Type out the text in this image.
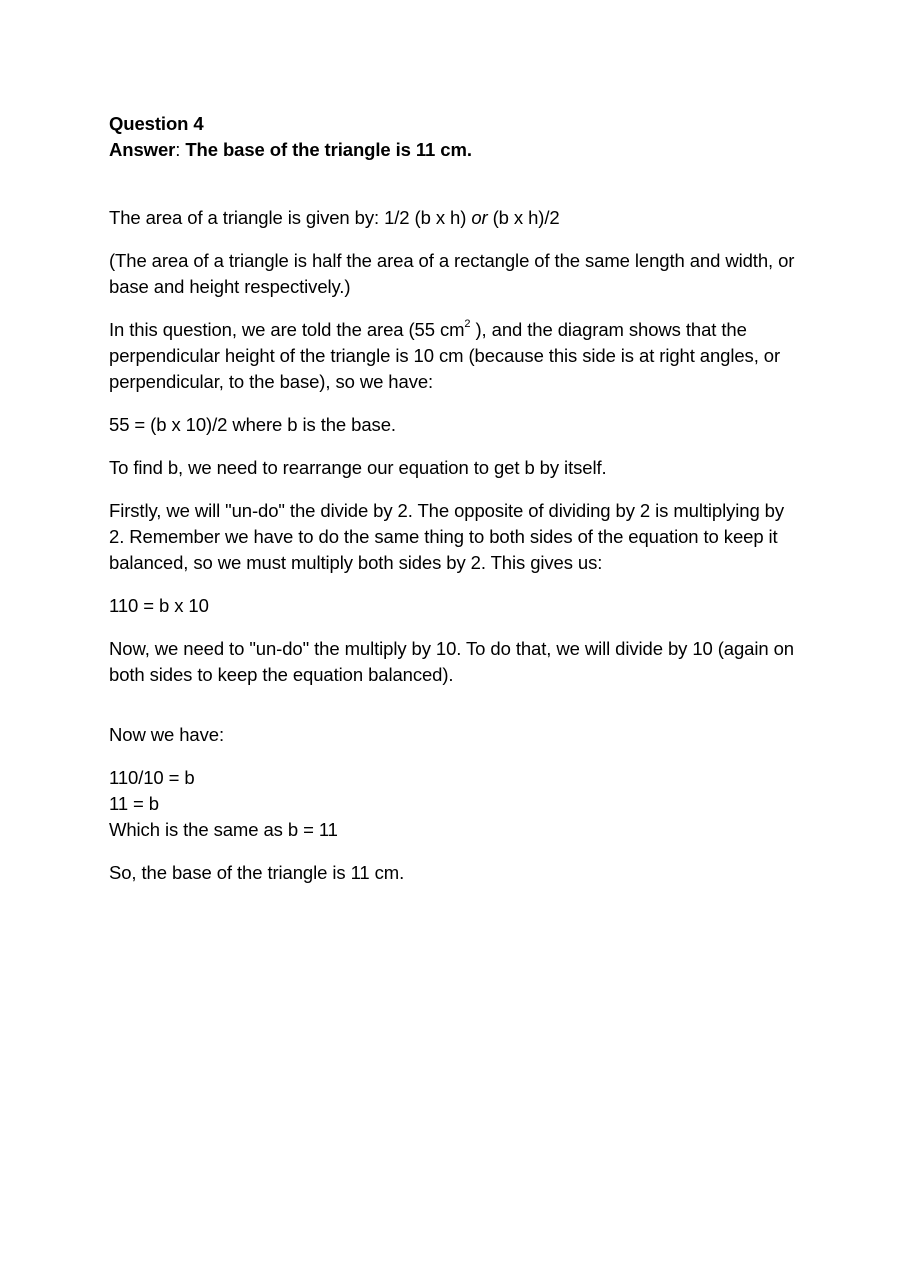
Question 4

Answer: The base of the triangle is 11 cm.

The area of a triangle is given by: 1/2 (b x h) or (b x h)/2

(The area of a triangle is half the area of a rectangle of the same length and width, or base and height respectively.)

In this question, we are told the area (55 $cm^2$ ), and the diagram shows that the perpendicular height of the triangle is 10 cm (because this side is at right angles, or perpendicular, to the base), so we have:

55 = (b x 10)/2 where b is the base.

To find b, we need to rearrange our equation to get b by itself.

Firstly, we will "un-do" the divide by 2. The opposite of dividing by 2 is multiplying by 2. Remember we have to do the same thing to both sides of the equation to keep it balanced, so we must multiply both sides by 2. This gives us:

110 = b x 10

Now, we need to "un-do" the multiply by 10. To do that, we will divide by 10 (again on both sides to keep the equation balanced).

Now we have:

110/10 = b
11 = b
Which is the same as b = 11

So, the base of the triangle is 11 cm.
